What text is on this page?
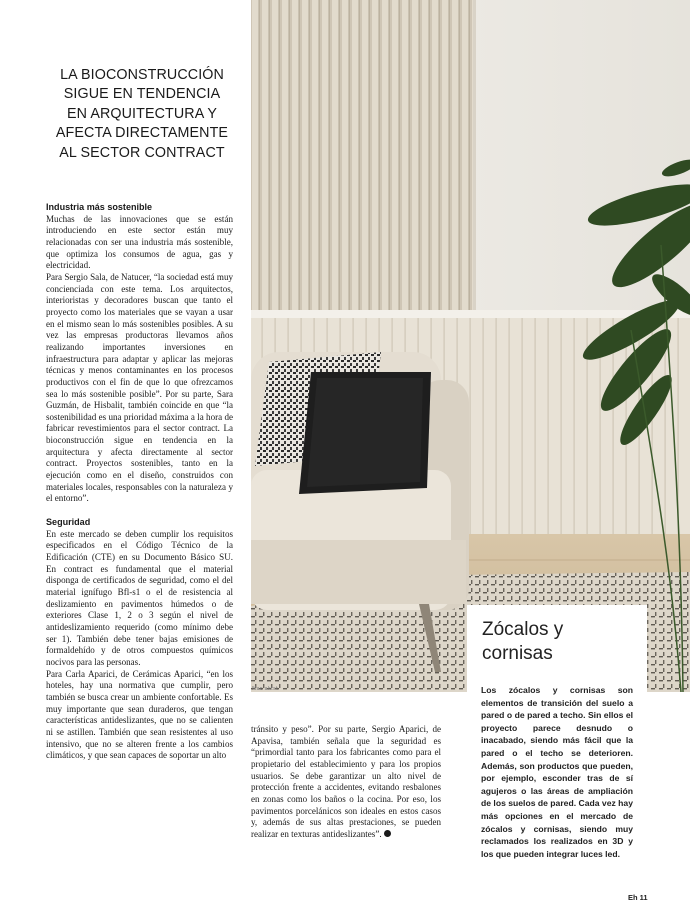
Mac aktst
LA BIOCONSTRUCCIÓN
SIGUE EN TENDENCIA
EN ARQUITECTURA Y
AFECTA DIRECTAMENTE
AL SECTOR CONTRACT

Industria más sostenible

Muchas de las innovaciones que se están introduciendo en este sector están muy relacionadas con ser una industria más sostenible, que optimiza los consumos de agua, gas y electricidad.

Para Sergio Sala, de Natucer, “la sociedad está muy concienciada con este tema. Los arquitectos, interioristas y decoradores buscan que tanto el proyecto como los materiales que se vayan a usar en el mismo sean lo más sostenibles posibles. A su vez las empresas productoras llevamos años realizando importantes inversiones en infraestructura para adaptar y aplicar las mejoras técnicas y menos contaminantes en los procesos productivos con el fin de que lo que ofrezcamos sea lo más sostenible posible”. Por su parte, Sara Guzmán, de Hisbalit, también coincide en que “la sostenibilidad es una prioridad máxima a la hora de fabricar revestimientos para el sector contract. La bioconstrucción sigue en tendencia en la arquitectura y afecta directamente al sector contract. Proyectos sostenibles, tanto en la ejecución como en el diseño, construidos con materiales locales, responsables con la naturaleza y el entorno”.

Seguridad

En este mercado se deben cumplir los requisitos especificados en el Código Técnico de la Edificación (CTE) en su Documento Básico SU. En contract es fundamental que el material disponga de certificados de seguridad, como el del material ignífugo Bfl-s1 o el de resistencia al deslizamiento en pavimentos húmedos o de exteriores Clase 1, 2 o 3 según el nivel de antideslizamiento requerido (como mínimo debe ser 1). También debe tener bajas emisiones de formaldehído y de otros compuestos químicos nocivos para las personas.

Para Carla Aparici, de Cerámicas Aparici, “en los hoteles, hay una normativa que cumplir, pero también se busca crear un ambiente confortable. Es muy importante que sean duraderos, que tengan características antideslizantes, que no se calienten ni se astillen. También que sean resistentes al uso intensivo, que no se alteren frente a los cambios climáticos, y que sean capaces de soportar un alto

tránsito y peso”. Por su parte, Sergio Aparici, de Apavisa, también señala que la seguridad es “primordial tanto para los fabricantes como para el propietario del establecimiento y para los propios usuarios. Se debe garantizar un alto nivel de protección frente a accidentes, evitando resbalones en zonas como los baños o la cocina. Por eso, los pavimentos porcelánicos son ideales en estos casos y, además de sus altas prestaciones, se pueden realizar en texturas antideslizantes”.

Zócalos y
cornisas

Los zócalos y cornisas son elementos de transición del suelo a pared o de pared a techo. Sin ellos el proyecto parece desnudo o inacabado, siendo más fácil que la pared o el techo se deterioren. Además, son productos que pueden, por ejemplo, esconder tras de sí agujeros o las áreas de ampliación de los suelos de pared. Cada vez hay más opciones en el mercado de zócalos y cornisas, siendo muy reclamados los realizados en 3D y los que pueden integrar luces led.

Eh 11
